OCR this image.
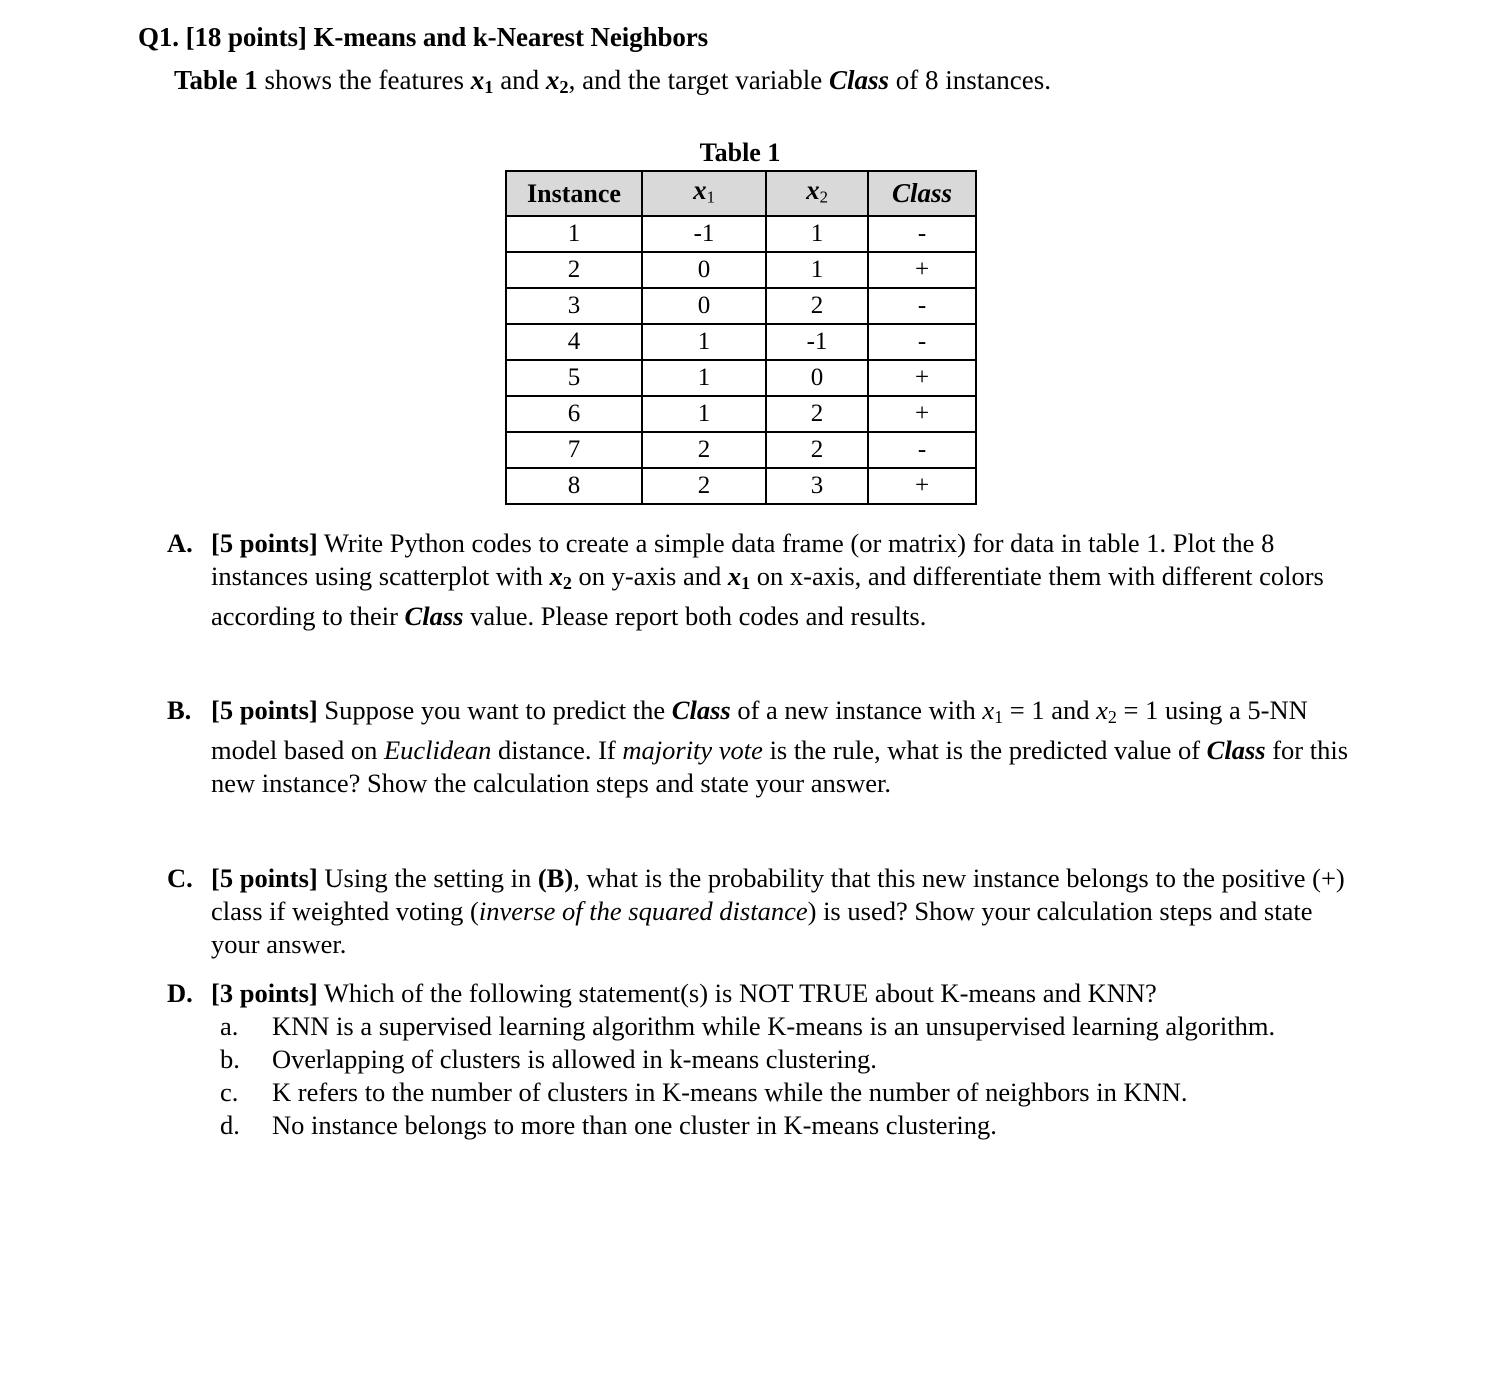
Q1. [18 points] K-means and k-Nearest Neighbors
Table 1 shows the features $x_1$ and $x_2$, and the target variable Class of 8 instances.
Table 1
Instance	$x_1$	$x_2$	Class
1	-1	1	-
2	0	1	+
3	0	2	-
4	1	-1	-
5	1	0	+
6	1	2	+
7	2	2	-
8	2	3	+
A. [5 points] Write Python codes to create a simple data frame (or matrix) for data in table 1. Plot the 8 instances using scatterplot with $x_2$ on y-axis and $x_1$ on x-axis, and differentiate them with different colors according to their Class value. Please report both codes and results.
B. [5 points] Suppose you want to predict the Class of a new instance with $x_1 = 1$ and $x_2 = 1$ using a 5-NN model based on Euclidean distance. If majority vote is the rule, what is the predicted value of Class for this new instance? Show the calculation steps and state your answer.
C. [5 points] Using the setting in (B), what is the probability that this new instance belongs to the positive (+) class if weighted voting (inverse of the squared distance) is used? Show your calculation steps and state your answer.
D. [3 points] Which of the following statement(s) is NOT TRUE about K-means and KNN?
a.	KNN is a supervised learning algorithm while K-means is an unsupervised learning algorithm.
b.	Overlapping of clusters is allowed in k-means clustering.
c.	K refers to the number of clusters in K-means while the number of neighbors in KNN.
d.	No instance belongs to more than one cluster in K-means clustering.
